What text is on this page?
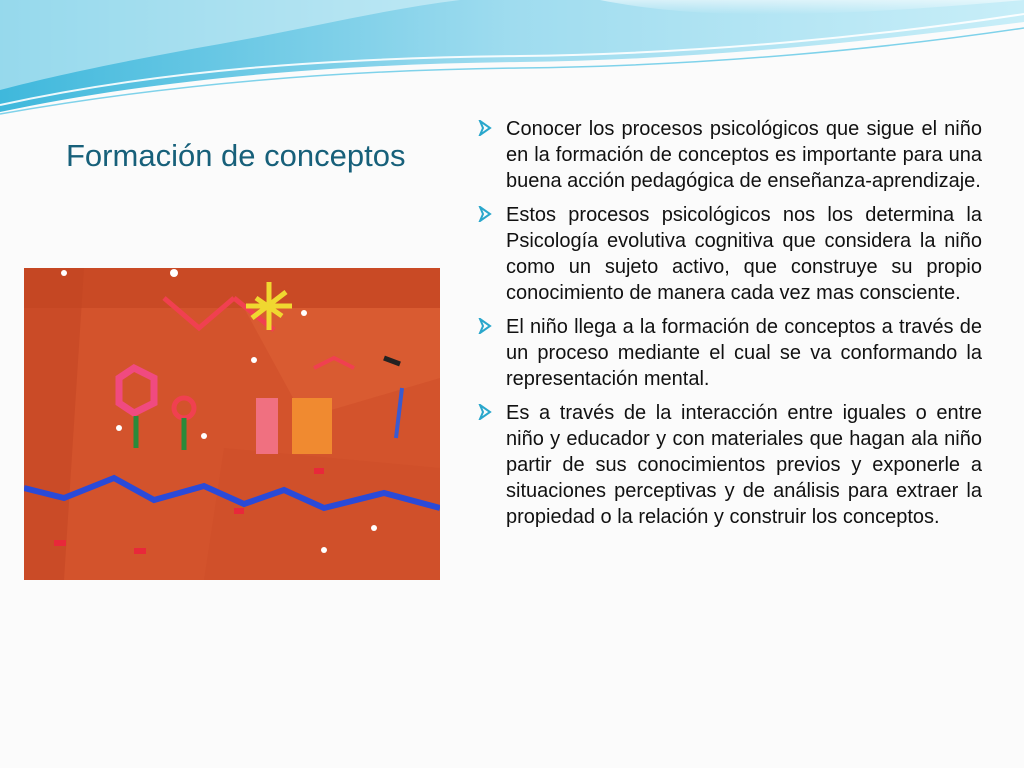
Formación de conceptos
Conocer los procesos psicológicos que sigue el niño en la formación de conceptos es importante para una buena acción pedagógica de enseñanza-aprendizaje.
Estos procesos psicológicos nos los determina la Psicología evolutiva cognitiva que considera la niño como un sujeto activo, que construye su propio conocimiento de manera cada vez mas consciente.
El niño llega a la formación de conceptos a través de un proceso mediante el cual se va conformando la representación mental.
Es a través de la interacción entre iguales o entre niño y educador y con materiales que hagan ala niño partir de sus conocimientos previos y exponerle a situaciones perceptivas y de análisis para extraer la propiedad o la relación y construir los conceptos.
